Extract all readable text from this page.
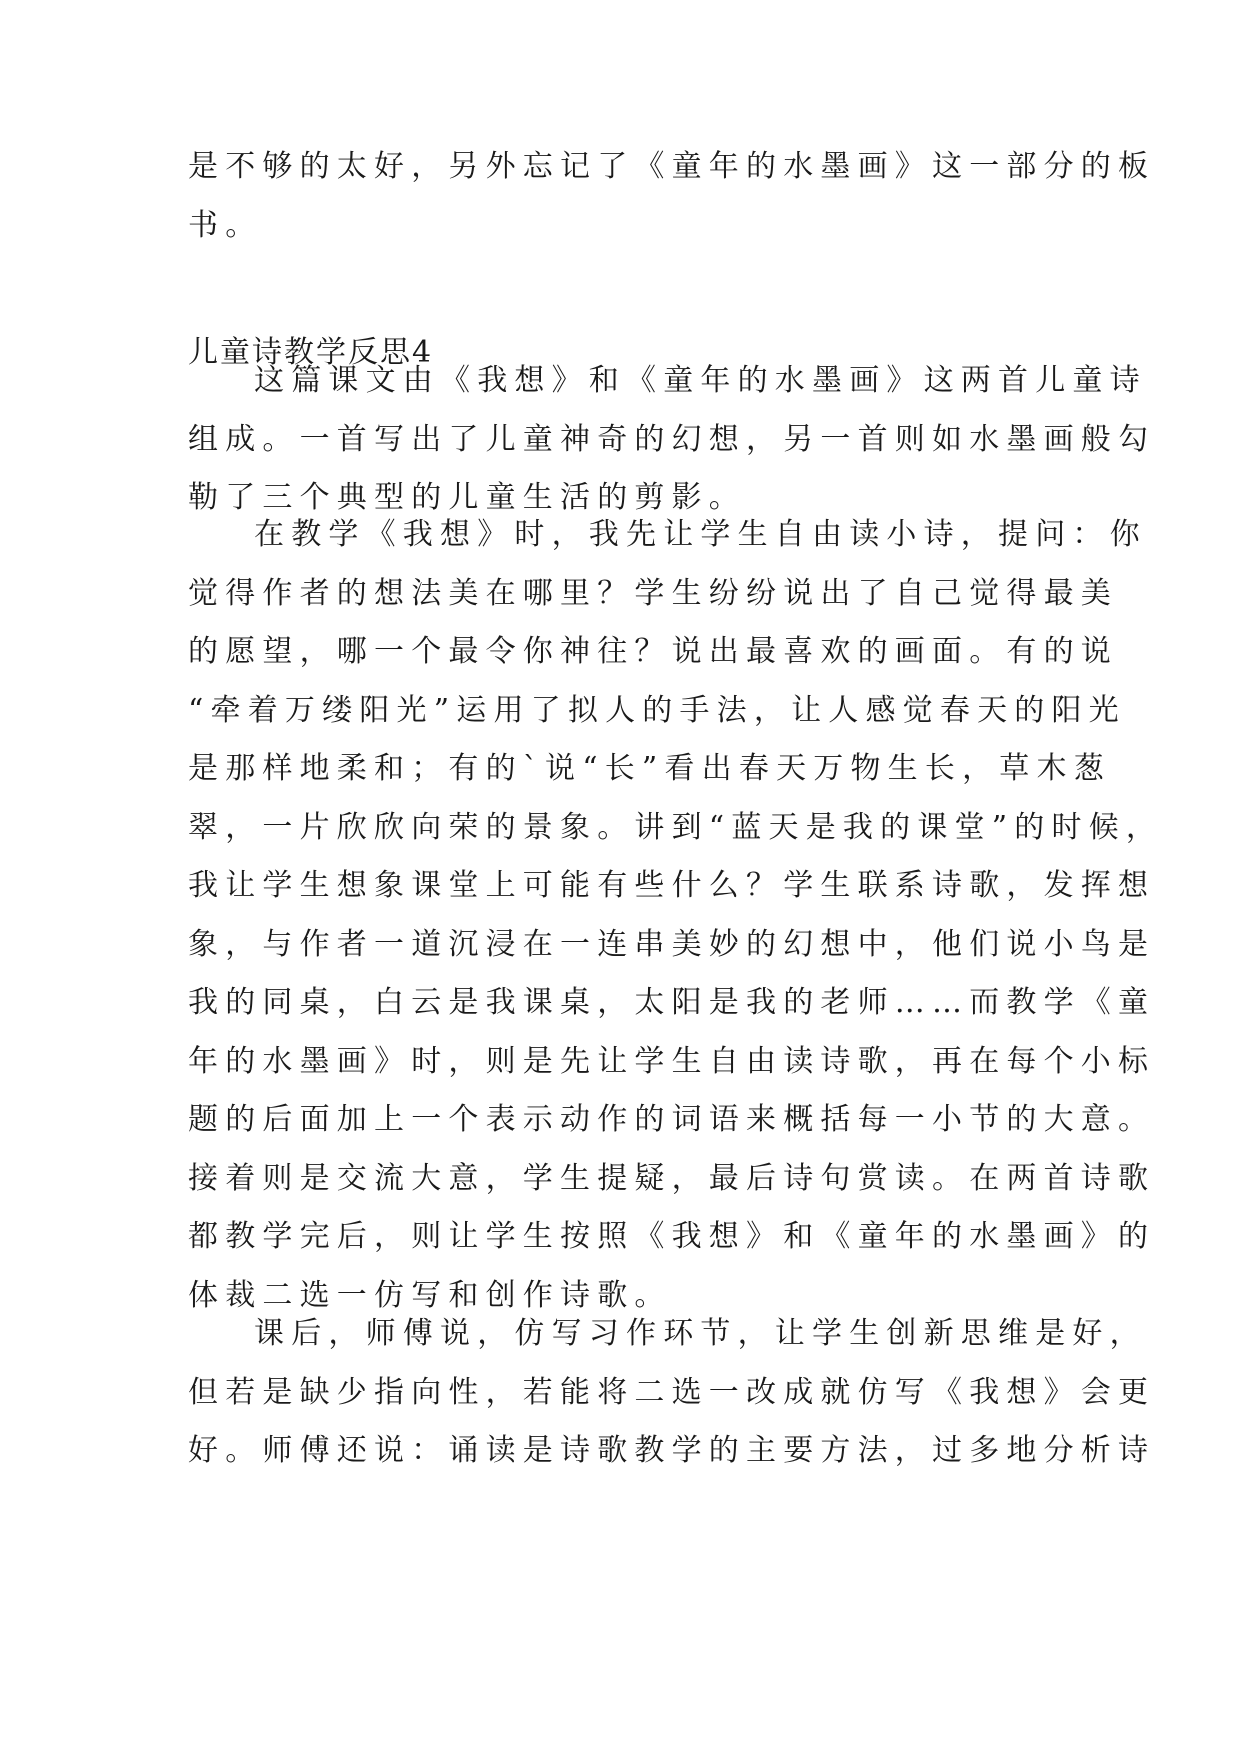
是不够的太好，另外忘记了《童年的水墨画》这一部分的板
书。
儿童诗教学反思4
这篇课文由《我想》和《童年的水墨画》这两首儿童诗
组成。一首写出了儿童神奇的幻想，另一首则如水墨画般勾
勒了三个典型的儿童生活的剪影。
在教学《我想》时，我先让学生自由读小诗，提问：你
觉得作者的想法美在哪里？学生纷纷说出了自己觉得最美
的愿望，哪一个最令你神往？说出最喜欢的画面。有的说
“牵着万缕阳光”运用了拟人的手法，让人感觉春天的阳光
是那样地柔和；有的`说“长”看出春天万物生长，草木葱
翠，一片欣欣向荣的景象。讲到“蓝天是我的课堂”的时候，
我让学生想象课堂上可能有些什么？学生联系诗歌，发挥想
象，与作者一道沉浸在一连串美妙的幻想中，他们说小鸟是
我的同桌，白云是我课桌，太阳是我的老师……而教学《童
年的水墨画》时，则是先让学生自由读诗歌，再在每个小标
题的后面加上一个表示动作的词语来概括每一小节的大意。
接着则是交流大意，学生提疑，最后诗句赏读。在两首诗歌
都教学完后，则让学生按照《我想》和《童年的水墨画》的
体裁二选一仿写和创作诗歌。
课后，师傅说，仿写习作环节，让学生创新思维是好，
但若是缺少指向性，若能将二选一改成就仿写《我想》会更
好。师傅还说：诵读是诗歌教学的主要方法，过多地分析诗
